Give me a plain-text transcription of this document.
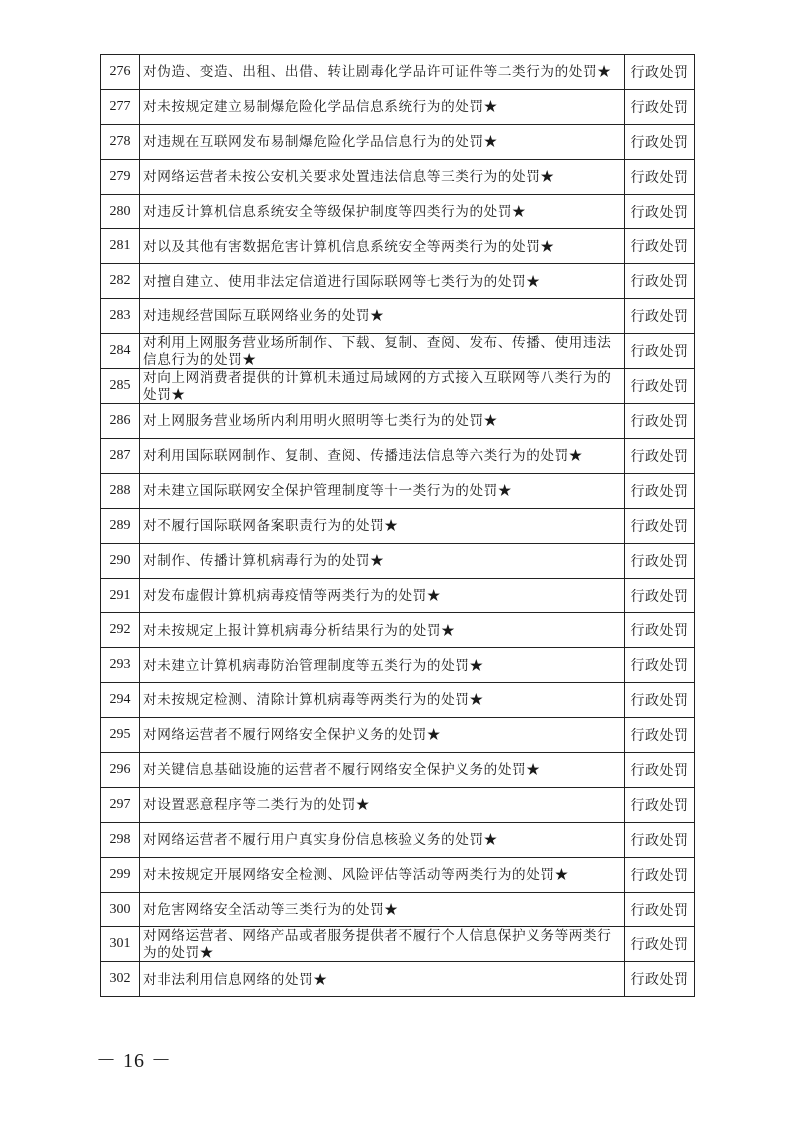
276	对伪造、变造、出租、出借、转让剧毒化学品许可证件等二类行为的处罚★	行政处罚
277	对未按规定建立易制爆危险化学品信息系统行为的处罚★	行政处罚
278	对违规在互联网发布易制爆危险化学品信息行为的处罚★	行政处罚
279	对网络运营者未按公安机关要求处置违法信息等三类行为的处罚★	行政处罚
280	对违反计算机信息系统安全等级保护制度等四类行为的处罚★	行政处罚
281	对以及其他有害数据危害计算机信息系统安全等两类行为的处罚★	行政处罚
282	对擅自建立、使用非法定信道进行国际联网等七类行为的处罚★	行政处罚
283	对违规经营国际互联网络业务的处罚★	行政处罚
284	对利用上网服务营业场所制作、下载、复制、查阅、发布、传播、使用违法信息行为的处罚★	行政处罚
285	对向上网消费者提供的计算机未通过局域网的方式接入互联网等八类行为的处罚★	行政处罚
286	对上网服务营业场所内利用明火照明等七类行为的处罚★	行政处罚
287	对利用国际联网制作、复制、查阅、传播违法信息等六类行为的处罚★	行政处罚
288	对未建立国际联网安全保护管理制度等十一类行为的处罚★	行政处罚
289	对不履行国际联网备案职责行为的处罚★	行政处罚
290	对制作、传播计算机病毒行为的处罚★	行政处罚
291	对发布虚假计算机病毒疫情等两类行为的处罚★	行政处罚
292	对未按规定上报计算机病毒分析结果行为的处罚★	行政处罚
293	对未建立计算机病毒防治管理制度等五类行为的处罚★	行政处罚
294	对未按规定检测、清除计算机病毒等两类行为的处罚★	行政处罚
295	对网络运营者不履行网络安全保护义务的处罚★	行政处罚
296	对关键信息基础设施的运营者不履行网络安全保护义务的处罚★	行政处罚
297	对设置恶意程序等二类行为的处罚★	行政处罚
298	对网络运营者不履行用户真实身份信息核验义务的处罚★	行政处罚
299	对未按规定开展网络安全检测、风险评估等活动等两类行为的处罚★	行政处罚
300	对危害网络安全活动等三类行为的处罚★	行政处罚
301	对网络运营者、网络产品或者服务提供者不履行个人信息保护义务等两类行为的处罚★	行政处罚
302	对非法利用信息网络的处罚★	行政处罚
－ 16 －
